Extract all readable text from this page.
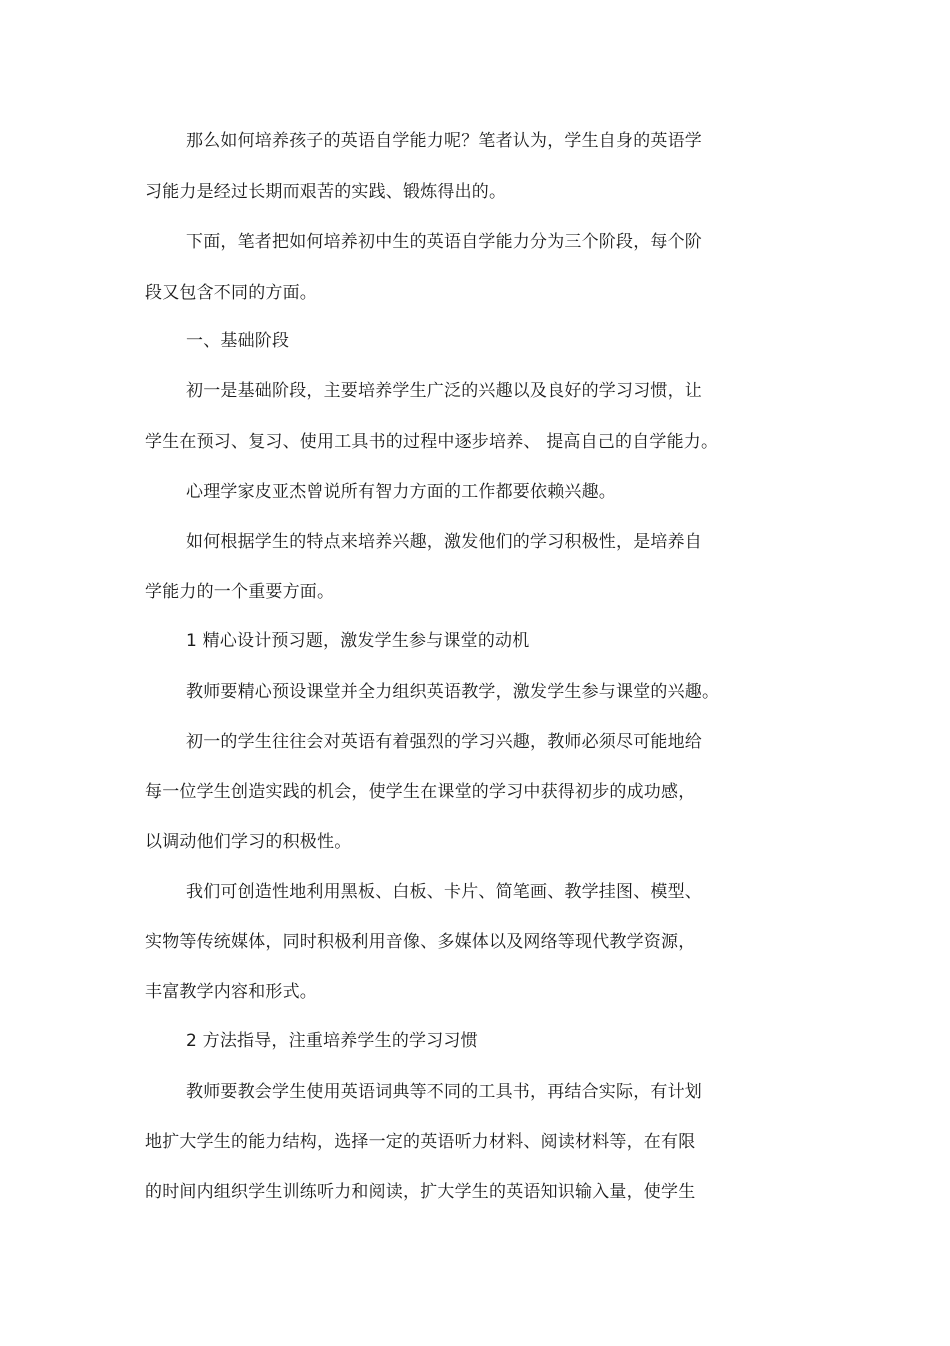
那么如何培养孩子的英语自学能力呢？笔者认为，学生自身的英语学
习能力是经过长期而艰苦的实践、锻炼得出的。
下面，笔者把如何培养初中生的英语自学能力分为三个阶段，每个阶
段又包含不同的方面。
一、基础阶段
初一是基础阶段，主要培养学生广泛的兴趣以及良好的学习习惯，让
学生在预习、复习、使用工具书的过程中逐步培养、 提高自己的自学能力。
心理学家皮亚杰曾说所有智力方面的工作都要依赖兴趣。
如何根据学生的特点来培养兴趣，激发他们的学习积极性，是培养自
学能力的一个重要方面。
1 精心设计预习题，激发学生参与课堂的动机
教师要精心预设课堂并全力组织英语教学，激发学生参与课堂的兴趣。
初一的学生往往会对英语有着强烈的学习兴趣，教师必须尽可能地给
每一位学生创造实践的机会，使学生在课堂的学习中获得初步的成功感，
以调动他们学习的积极性。
我们可创造性地利用黑板、白板、卡片、简笔画、教学挂图、模型、
实物等传统媒体，同时积极利用音像、多媒体以及网络等现代教学资源，
丰富教学内容和形式。
2 方法指导，注重培养学生的学习习惯
教师要教会学生使用英语词典等不同的工具书，再结合实际，有计划
地扩大学生的能力结构，选择一定的英语听力材料、阅读材料等，在有限
的时间内组织学生训练听力和阅读，扩大学生的英语知识输入量，使学生
